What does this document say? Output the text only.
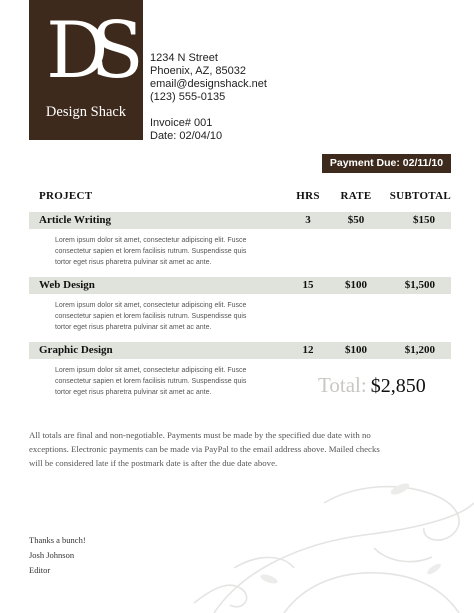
DS
Design Shack
1234 N Street
Phoenix, AZ, 85032
email@designshack.net
(123) 555-0135
Invoice# 001
Date: 02/04/10
Payment Due: 02/11/10
PROJECT	HRS	RATE	SUBTOTAL
Article Writing	3	$50	$150
Lorem ipsum dolor sit amet, consectetur adipiscing elit. Fusce
consectetur sapien et lorem facilisis rutrum. Suspendisse quis
tortor eget risus pharetra pulvinar sit amet ac ante.
Web Design	15	$100	$1,500
Lorem ipsum dolor sit amet, consectetur adipiscing elit. Fusce
consectetur sapien et lorem facilisis rutrum. Suspendisse quis
tortor eget risus pharetra pulvinar sit amet ac ante.
Graphic Design	12	$100	$1,200
Lorem ipsum dolor sit amet, consectetur adipiscing elit. Fusce
consectetur sapien et lorem facilisis rutrum. Suspendisse quis
tortor eget risus pharetra pulvinar sit amet ac ante.	Total: $2,850
All totals are final and non-negotiable. Payments must be made by the specified due date with no
exceptions. Electronic payments can be made via PayPal to the email address above. Mailed checks
will be considered late if the postmark date is after the due date above.
Thanks a bunch!
Josh Johnson
Editor
